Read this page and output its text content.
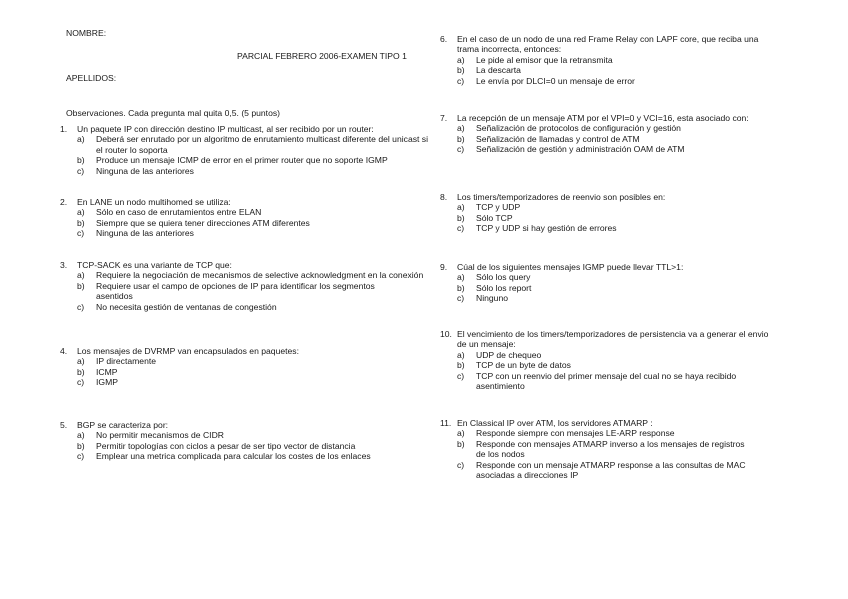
NOMBRE:
PARCIAL FEBRERO 2006-EXAMEN TIPO 1
APELLIDOS:
Observaciones. Cada pregunta mal quita 0,5. (5 puntos)
1. Un paquete IP con dirección destino IP multicast, al ser recibido por un router:
a) Deberá ser enrutado por un algoritmo de enrutamiento multicast diferente del unicast si el router lo soporta
b) Produce un mensaje ICMP de error en el primer router que no soporte IGMP
c) Ninguna de las anteriores
2. En LANE un nodo multihomed se utiliza:
a) Sólo en caso de enrutamientos entre ELAN
b) Siempre que se quiera tener direcciones ATM diferentes
c) Ninguna de las anteriores
3. TCP-SACK es una variante de TCP que:
a) Requiere la negociación de mecanismos de selective acknowledgment en la conexión
b) Requiere usar el campo de opciones de IP para identificar los segmentos asentidos
c) No necesita gestión de ventanas de congestión
4. Los mensajes de DVRMP van encapsulados en paquetes:
a) IP directamente
b) ICMP
c) IGMP
5. BGP se caracteriza por:
a) No permitir mecanismos de CIDR
b) Permitir topologías con ciclos a pesar de ser tipo vector de distancia
c) Emplear una metrica complicada para calcular los costes de los enlaces
6. En el caso de un nodo de una red Frame Relay con LAPF core, que reciba una trama incorrecta, entonces:
a) Le pide al emisor que la retransmita
b) La descarta
c) Le envía por DLCI=0 un mensaje de error
7. La recepción de un mensaje ATM por el VPI=0 y VCI=16, esta asociado con:
a) Señalización de protocolos de configuración y gestión
b) Señalización de llamadas y control de ATM
c) Señalización de gestión y administración OAM de ATM
8. Los timers/temporizadores de reenvio son posibles en:
a) TCP y UDP
b) Sólo TCP
c) TCP y UDP si hay gestión de errores
9. Cúal de los siguientes mensajes IGMP puede llevar TTL>1:
a) Sólo los query
b) Sólo los report
c) Ninguno
10. El vencimiento de los timers/temporizadores de persistencia va a generar el envio de un mensaje:
a) UDP de chequeo
b) TCP de un byte de datos
c) TCP con un reenvio del primer mensaje del cual no se haya recibido asentimiento
11. En Classical IP over ATM, los servidores ATMARP :
a) Responde siempre con mensajes LE-ARP response
b) Responde con mensajes ATMARP inverso a los mensajes de registros de los nodos
c) Responde con un mensaje ATMARP response a las consultas de MAC asociadas a direcciones IP
